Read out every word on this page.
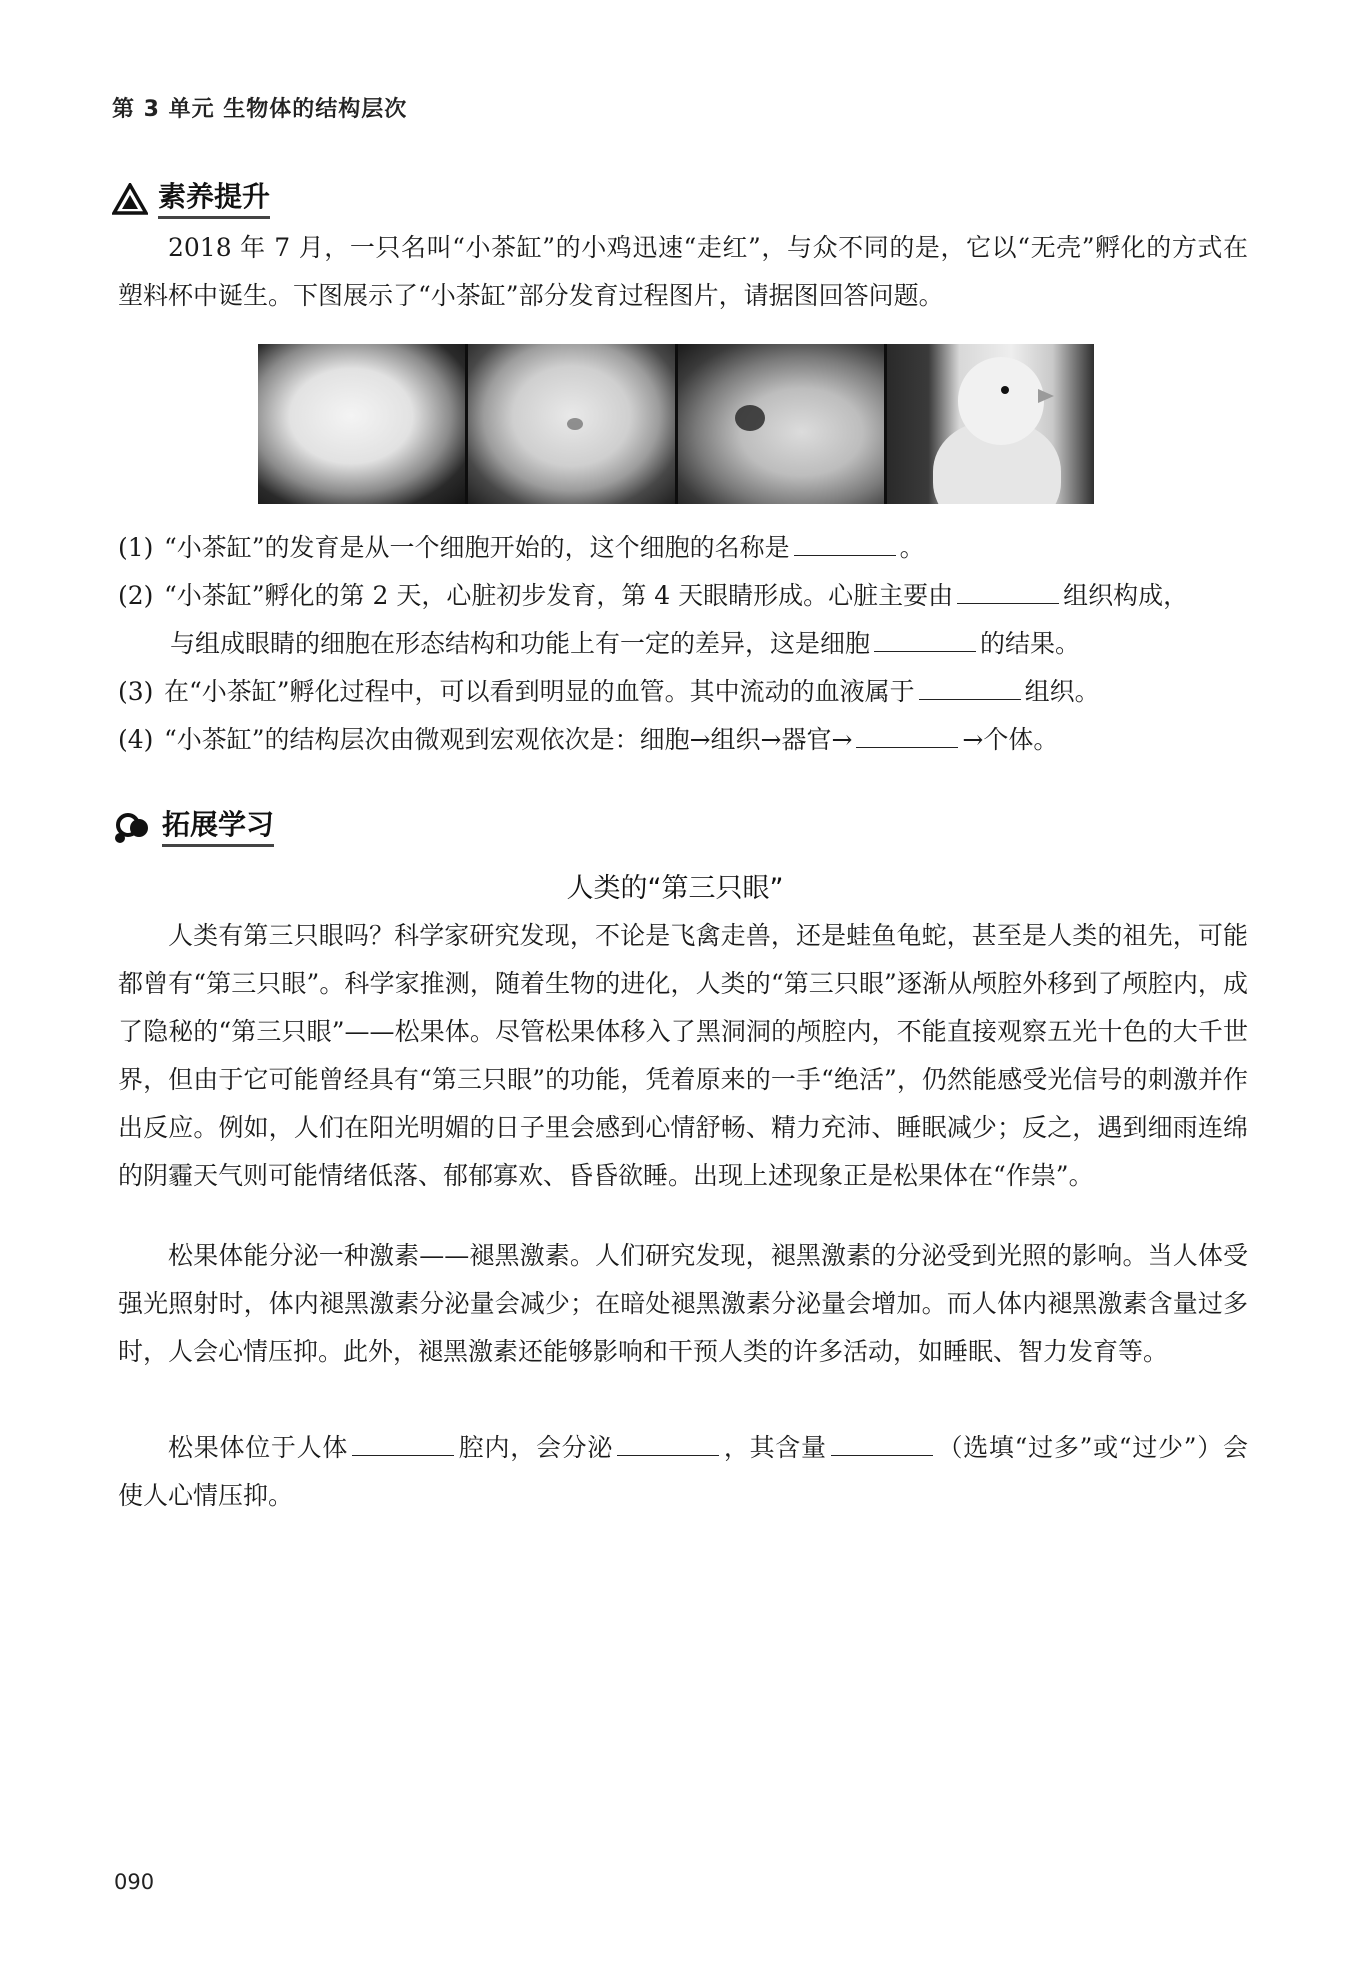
第 3 单元 生物体的结构层次
素养提升

2018 年 7 月，一只名叫“小茶缸”的小鸡迅速“走红”，与众不同的是，它以“无壳”孵化的方式在塑料杯中诞生。下图展示了“小茶缸”部分发育过程图片，请据图回答问题。

(1) “小茶缸”的发育是从一个细胞开始的，这个细胞的名称是	。

(2) “小茶缸”孵化的第 2 天，心脏初步发育，第 4 天眼睛形成。心脏主要由	组织构成，

与组成眼睛的细胞在形态结构和功能上有一定的差异，这是细胞	的结果。

(3) 在“小茶缸”孵化过程中，可以看到明显的血管。其中流动的血液属于	组织。

(4) “小茶缸”的结构层次由微观到宏观依次是：细胞→组织→器官→	→个体。

拓展学习
人类的“第三只眼”

人类有第三只眼吗？科学家研究发现，不论是飞禽走兽，还是蛙鱼龟蛇，甚至是人类的祖先，可能都曾有“第三只眼”。科学家推测，随着生物的进化，人类的“第三只眼”逐渐从颅腔外移到了颅腔内，成了隐秘的“第三只眼”——松果体。尽管松果体移入了黑洞洞的颅腔内，不能直接观察五光十色的大千世界，但由于它可能曾经具有“第三只眼”的功能，凭着原来的一手“绝活”，仍然能感受光信号的刺激并作出反应。例如，人们在阳光明媚的日子里会感到心情舒畅、精力充沛、睡眠减少；反之，遇到细雨连绵的阴霾天气则可能情绪低落、郁郁寡欢、昏昏欲睡。出现上述现象正是松果体在“作祟”。

松果体能分泌一种激素——褪黑激素。人们研究发现，褪黑激素的分泌受到光照的影响。当人体受强光照射时，体内褪黑激素分泌量会减少；在暗处褪黑激素分泌量会增加。而人体内褪黑激素含量过多时，人会心情压抑。此外，褪黑激素还能够影响和干预人类的许多活动，如睡眠、智力发育等。

松果体位于人体	腔内，会分泌	，其含量	（选填“过多”或“过少”）会使人心情压抑。

090
